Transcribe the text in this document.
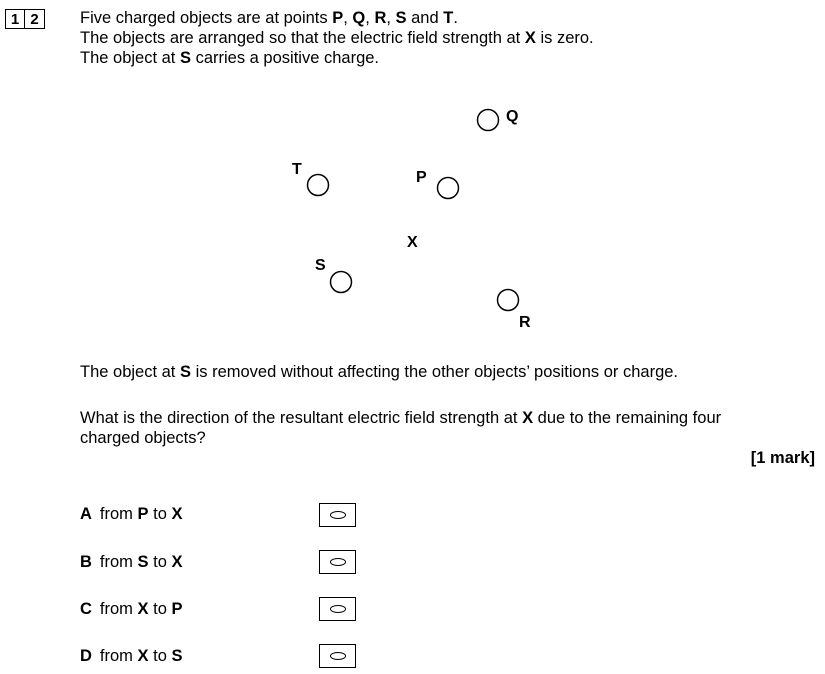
1 2	Five charged objects are at points P, Q, R, S and T.
The objects are arranged so that the electric field strength at X is zero.
The object at S carries a positive charge.
Q
T	P
X
S
R
The object at S is removed without affecting the other objects’ positions or charge.
What is the direction of the resultant electric field strength at X due to the remaining four
charged objects?
[1 mark]
A from P to X
B from S to X
C from X to P
D from X to S
